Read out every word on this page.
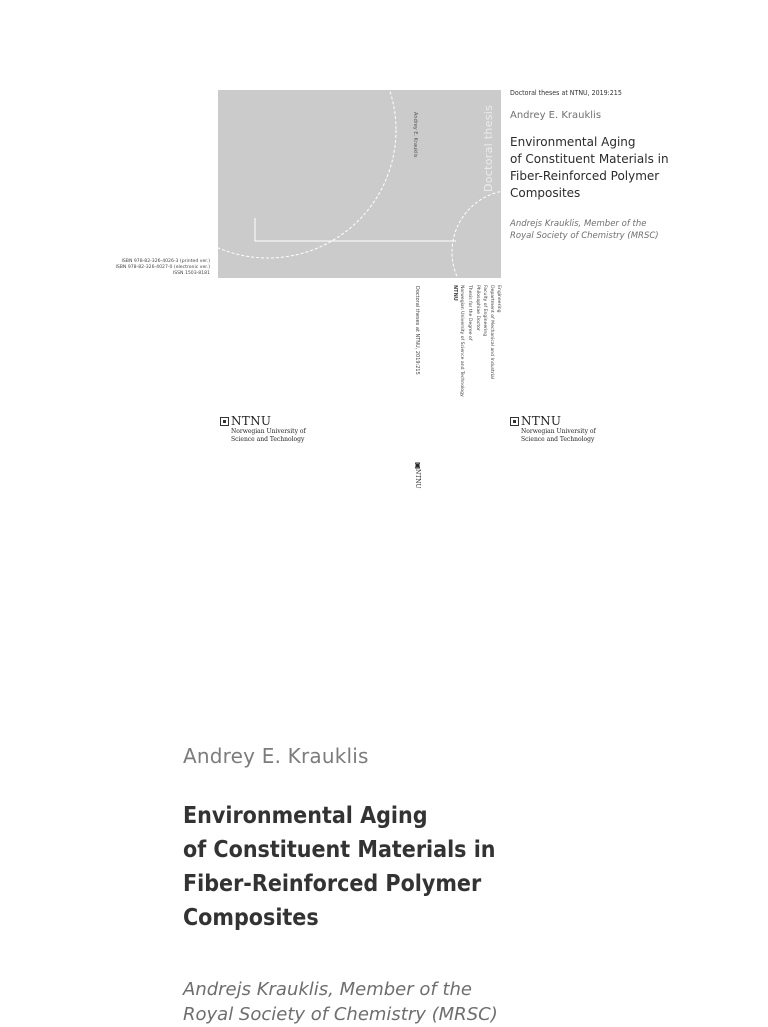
Doctoral thesis
Andrey E. Krauklis
Doctoral theses at NTNU, 2019:215
Andrey E. Krauklis
Environmental Aging
of Constituent Materials in
Fiber-Reinforced Polymer
Composites
Andrejs Krauklis, Member of the
Royal Society of Chemistry (MRSC)
ISBN 978-82-326-4026-3 (printed ver.)
ISBN 978-82-326-4027-0 (electronic ver.)
ISSN 1503-8181
Doctoral theses at NTNU, 2019:215	NTNU Norwegian University of Science and Technology Thesis for the Degree of Philosophiae Doctor Faculty of Engineering Department of Mechanical and Industrial Engineering
NTNU
Norwegian University of
Science and Technology
NTNU
Norwegian University of
Science and Technology
◙NTNU
Andrey E. Krauklis
Environmental Aging
of Constituent Materials in
Fiber-Reinforced Polymer
Composites
Andrejs Krauklis, Member of the
Royal Society of Chemistry (MRSC)
